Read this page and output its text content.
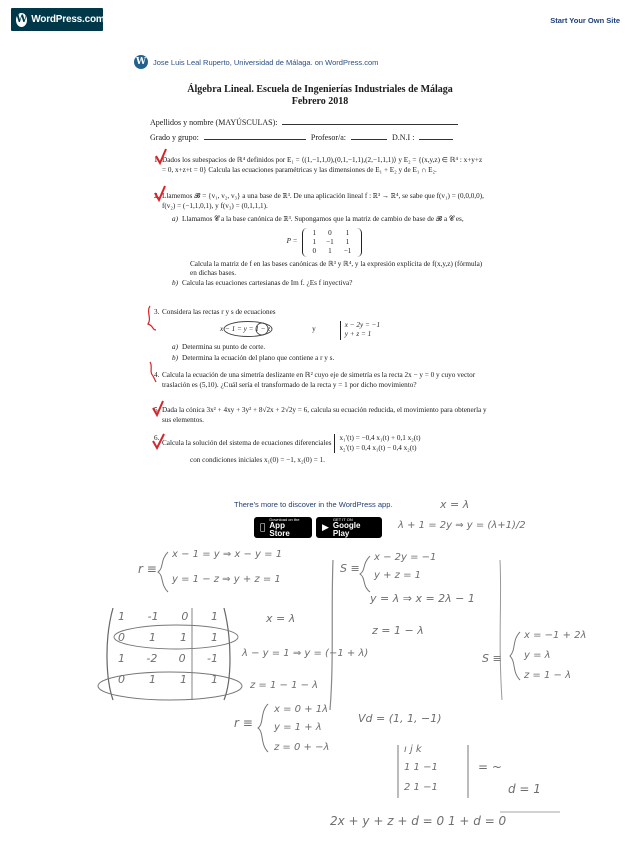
W WordPress.com	Start Your Own Site
W Jose Luis Leal Ruperto, Universidad de Málaga. on WordPress.com
Álgebra Lineal. Escuela de Ingenierías Industriales de Málaga
Febrero 2018
Apellidos y nombre (MAYÚSCULAS):
Grado y grupo:	Profesor/a:	D.N.I :
1. Dados los subespacios de ℝ⁴ definidos por E₁ = ⟨(1,−1,1,0),(0,1,−1,1),(2,−1,1,1)⟩ y E₂ = {(x,y,z) ∈ ℝ⁴ : x+y+z = 0, x+z+t = 0} Calcula las ecuaciones paramétricas y las dimensiones de E₁ + E₂ y de E₁ ∩ E₂.

2. Llamemos 𝓑 = {v₁, v₂, v₃} a una base de ℝ³. De una aplicación lineal f : ℝ³ → ℝ⁴, se sabe que f(v₁) = (0,0,0,0), f(v₂) = (−1,1,0,1), y f(v₃) = (0,1,1,1).

a) Llamamos 𝓒 a la base canónica de ℝ³. Supongamos que la matriz de cambio de base de 𝓑 a 𝓒 es,
P =
1	0	1
1	−1	1
0	1	−1
Calcula la matriz de f en las bases canónicas de ℝ³ y ℝ⁴, y la expresión explícita de f(x,y,z) (fórmula) en dichas bases.
b) Calcula las ecuaciones cartesianas de Im f. ¿Es f inyectiva?
3. Considera las rectas r y s de ecuaciones

x − 1 = y = 1 − z	y
x − 2y = −1
y + z = 1
a) Determina su punto de corte.
b) Determina la ecuación del plano que contiene a r y s.
4. Calcula la ecuación de una simetría deslizante en ℝ² cuyo eje de simetría es la recta 2x − y = 0 y cuyo vector traslación es (5,10). ¿Cuál sería el transformado de la recta y = 1 por dicho movimiento?

5. Dada la cónica 3x² + 4xy + 3y² + 8√2x + 2√2y = 6, calcula su ecuación reducida, el movimiento para obtenerla y sus elementos.

6.
Calcula la solución del sistema de ecuaciones diferenciales
x₁′(t) = −0,4 x₁(t) + 0,1 x₂(t)
x₂′(t) = 0,4 x₁(t) − 0,4 x₂(t)

con condiciones iniciales x₁(0) = −1, x₂(0) = 1.

There's more to discover in the WordPress app.
Download on the
App Store ▶
GET IT ON
Google Play
x = λ
λ + 1 = 2y ⇒ y = (λ+1)/2
r ≡
x − 1 = y ⇒ x − y = 1
y = 1 − z ⇒ y + z = 1
S ≡
x − 2y = −1
y + z = 1
y = λ ⇒ x = 2λ − 1
z = 1 − λ
1 -1 0 1
0 1 1 1
1 -2 0 -1
0 1 1 1
x = λ
λ − y = 1 ⇒ y = (−1 + λ)
z = 1 − 1 − λ
S ≡
x = −1 + 2λ
y = λ
z = 1 − λ
r ≡
x = 0 + 1λ
y = 1 + λ
z = 0 + −λ
Vd = (1, 1, −1)
ı j k
1 1 −1
2 1 −1
= ~
d = 1
2x + y + z + d = 0 1 + d = 0
